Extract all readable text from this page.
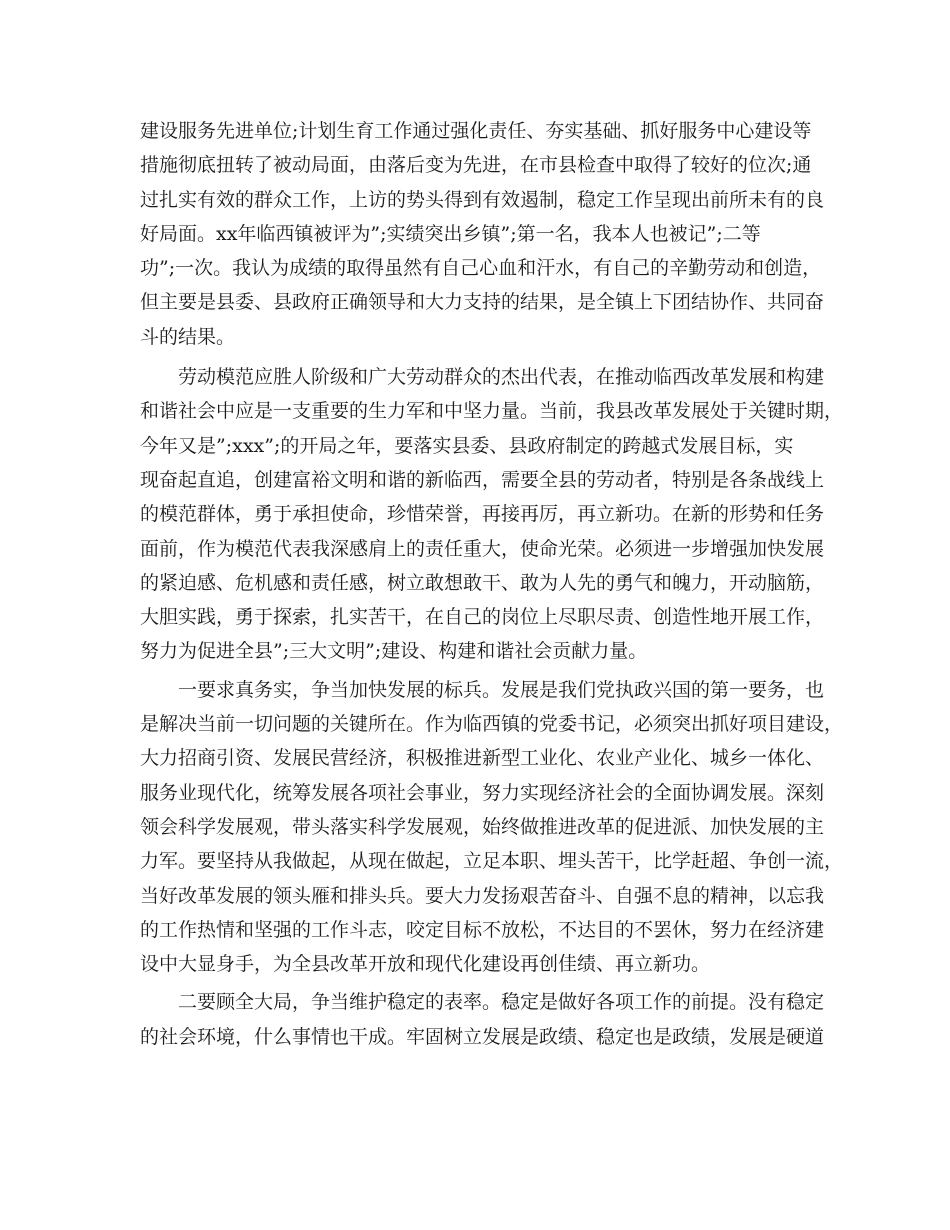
建设服务先进单位;计划生育工作通过强化责任、夯实基础、抓好服务中心建设等
措施彻底扭转了被动局面，由落后变为先进，在市县检查中取得了较好的位次;通
过扎实有效的群众工作，上访的势头得到有效遏制，稳定工作呈现出前所未有的良
好局面。xx年临西镇被评为”;实绩突出乡镇”;第一名，我本人也被记”;二等
功”;一次。我认为成绩的取得虽然有自己心血和汗水，有自己的辛勤劳动和创造，
但主要是县委、县政府正确领导和大力支持的结果，是全镇上下团结协作、共同奋
斗的结果。
劳动模范应胜人阶级和广大劳动群众的杰出代表，在推动临西改革发展和构建
和谐社会中应是一支重要的生力军和中坚力量。当前，我县改革发展处于关键时期，
今年又是”;xxx”;的开局之年，要落实县委、县政府制定的跨越式发展目标，实
现奋起直追，创建富裕文明和谐的新临西，需要全县的劳动者，特别是各条战线上
的模范群体，勇于承担使命，珍惜荣誉，再接再厉，再立新功。在新的形势和任务
面前，作为模范代表我深感肩上的责任重大，使命光荣。必须进一步增强加快发展
的紧迫感、危机感和责任感，树立敢想敢干、敢为人先的勇气和魄力，开动脑筋，
大胆实践，勇于探索，扎实苦干，在自己的岗位上尽职尽责、创造性地开展工作，
努力为促进全县”;三大文明”;建设、构建和谐社会贡献力量。
一要求真务实，争当加快发展的标兵。发展是我们党执政兴国的第一要务，也
是解决当前一切问题的关键所在。作为临西镇的党委书记，必须突出抓好项目建设，
大力招商引资、发展民营经济，积极推进新型工业化、农业产业化、城乡一体化、
服务业现代化，统筹发展各项社会事业，努力实现经济社会的全面协调发展。深刻
领会科学发展观，带头落实科学发展观，始终做推进改革的促进派、加快发展的主
力军。要坚持从我做起，从现在做起，立足本职、埋头苦干，比学赶超、争创一流，
当好改革发展的领头雁和排头兵。要大力发扬艰苦奋斗、自强不息的精神，以忘我
的工作热情和坚强的工作斗志，咬定目标不放松，不达目的不罢休，努力在经济建
设中大显身手，为全县改革开放和现代化建设再创佳绩、再立新功。
二要顾全大局，争当维护稳定的表率。稳定是做好各项工作的前提。没有稳定
的社会环境，什么事情也干成。牢固树立发展是政绩、稳定也是政绩，发展是硬道
